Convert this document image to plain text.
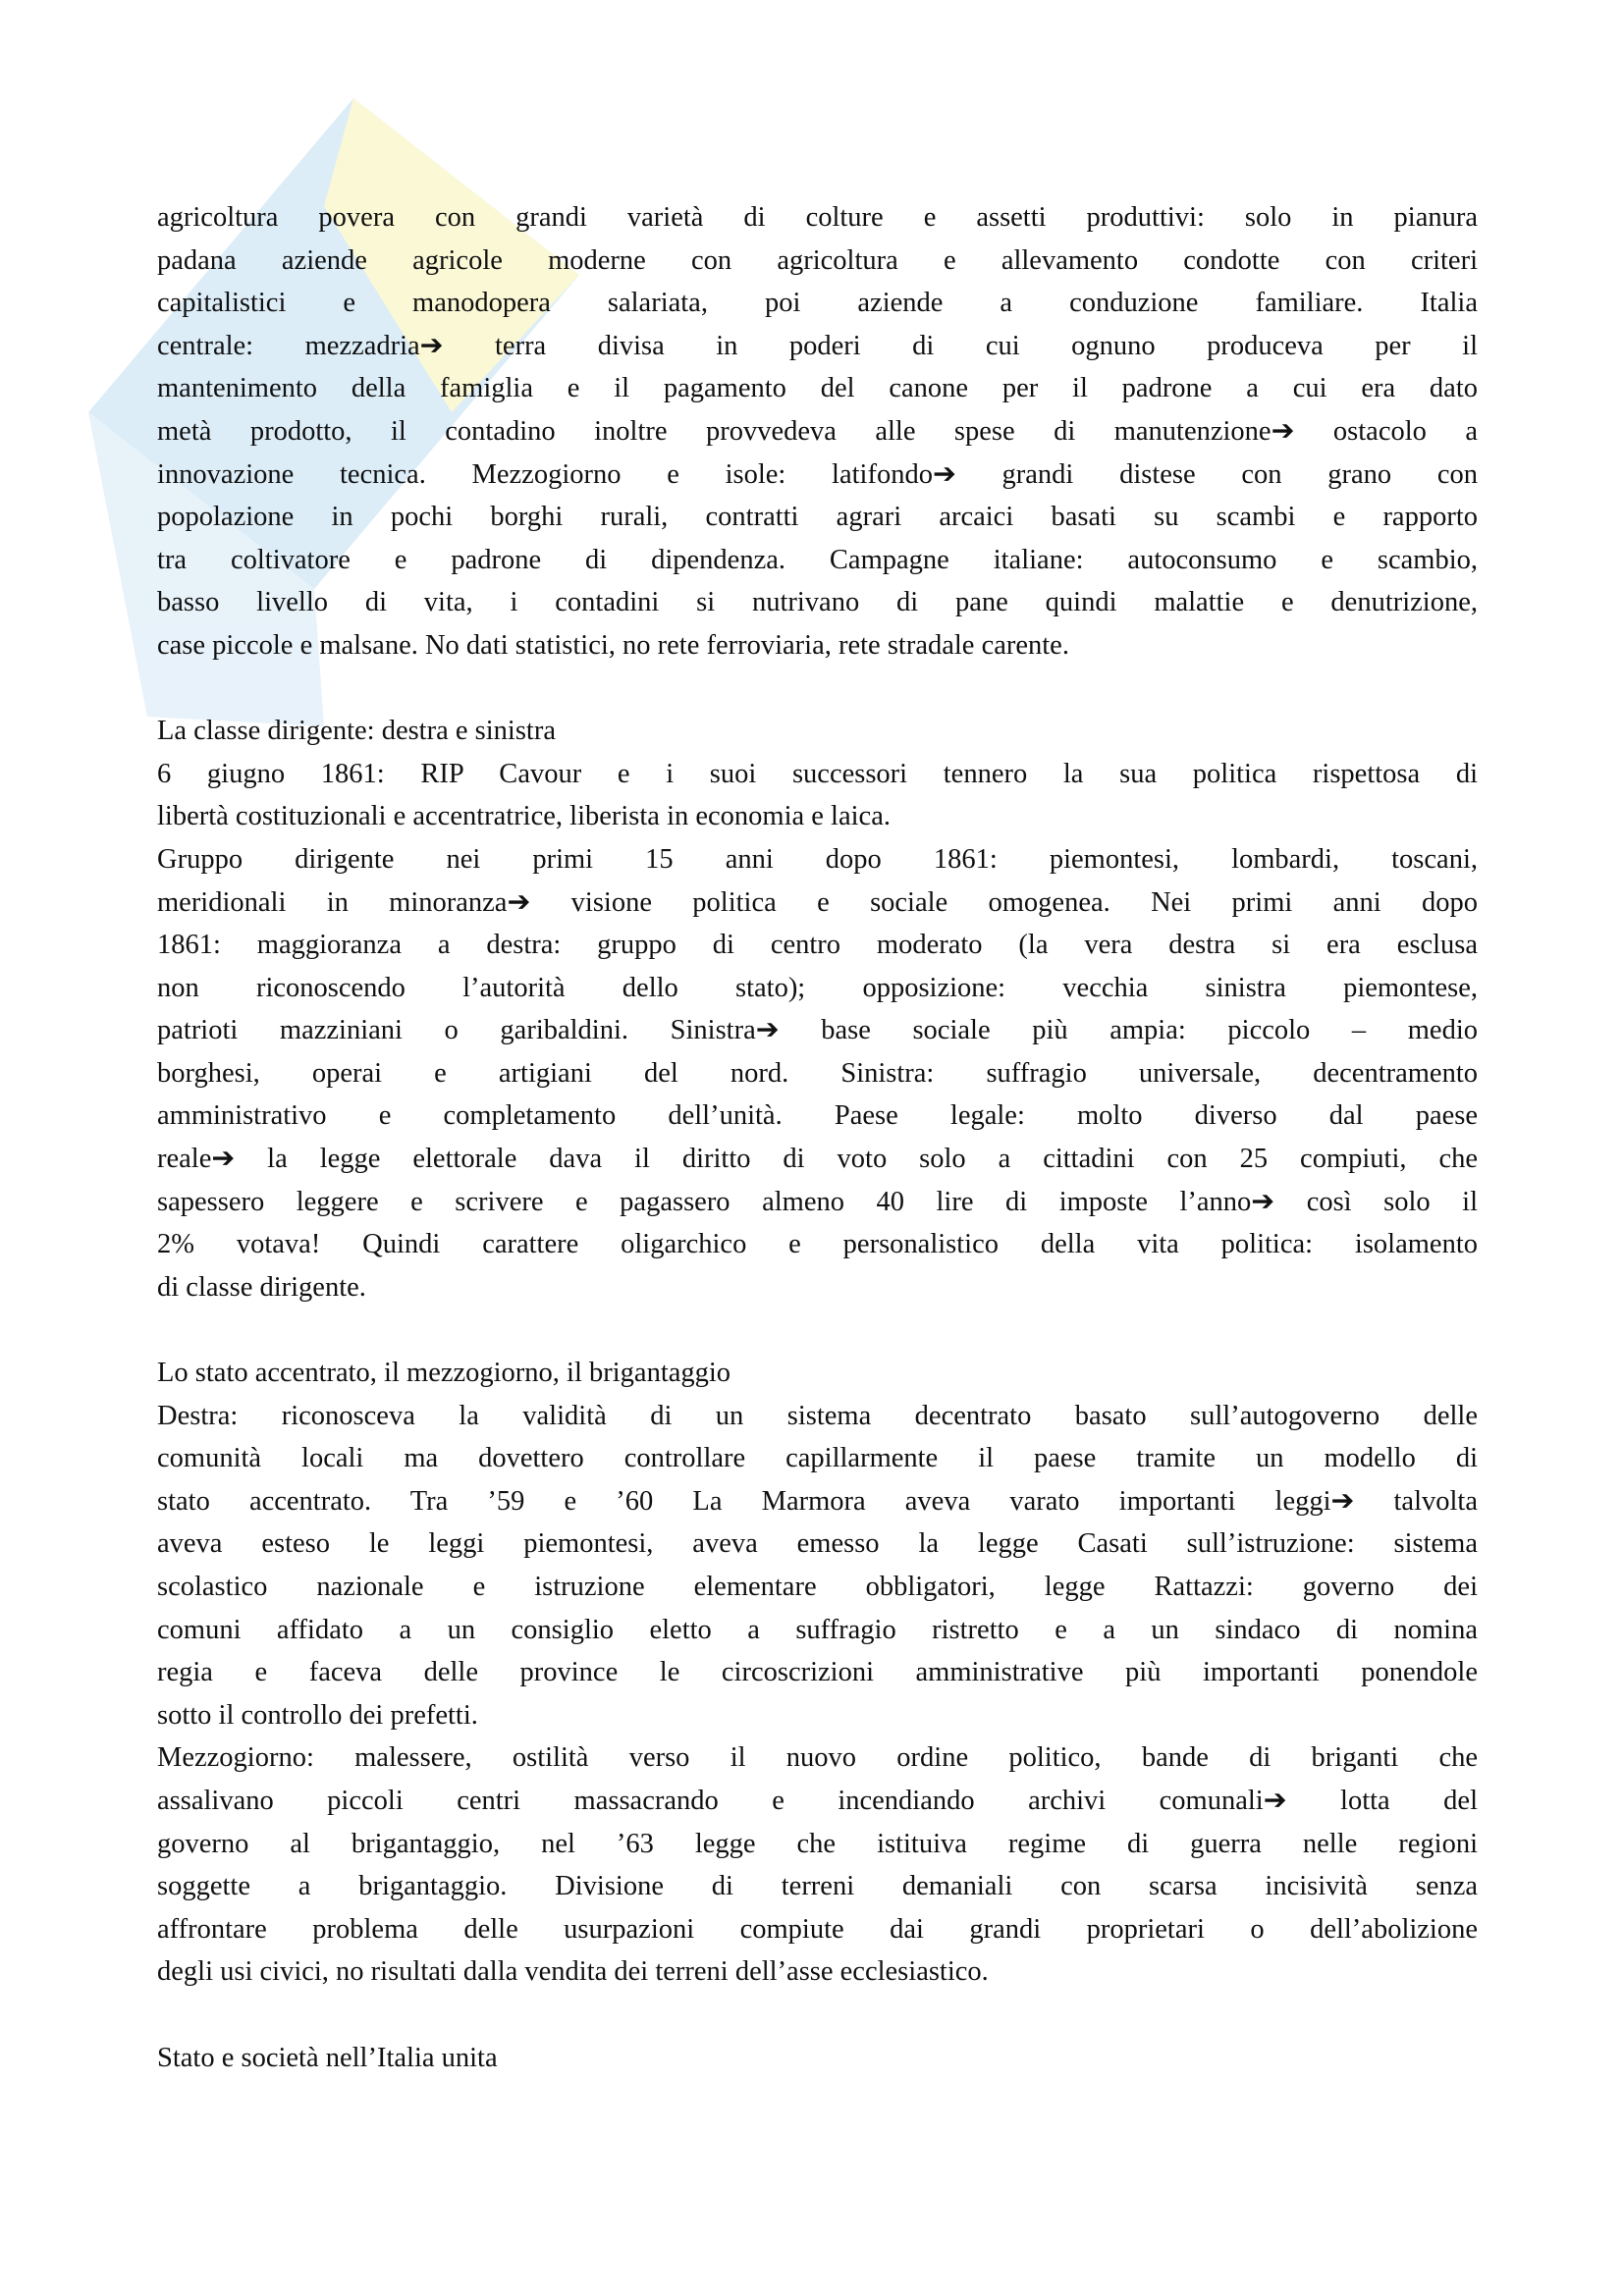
agricoltura povera con grandi varietà di colture e assetti produttivi: solo in pianura
padana aziende agricole moderne con agricoltura e allevamento condotte con criteri
capitalistici e manodopera salariata, poi aziende a conduzione familiare. Italia
centrale: mezzadria➔ terra divisa in poderi di cui ognuno produceva per il
mantenimento della famiglia e il pagamento del canone per il padrone a cui era dato
metà prodotto, il contadino inoltre provvedeva alle spese di manutenzione➔ ostacolo a
innovazione tecnica. Mezzogiorno e isole: latifondo➔ grandi distese con grano con
popolazione in pochi borghi rurali, contratti agrari arcaici basati su scambi e rapporto
tra coltivatore e padrone di dipendenza. Campagne italiane: autoconsumo e scambio,
basso livello di vita, i contadini si nutrivano di pane quindi malattie e denutrizione,
case piccole e malsane. No dati statistici, no rete ferroviaria, rete stradale carente.
La classe dirigente: destra e sinistra
6 giugno 1861: RIP Cavour e i suoi successori tennero la sua politica rispettosa di
libertà costituzionali e accentratrice, liberista in economia e laica.
Gruppo dirigente nei primi 15 anni dopo 1861: piemontesi, lombardi, toscani,
meridionali in minoranza➔ visione politica e sociale omogenea. Nei primi anni dopo
1861: maggioranza a destra: gruppo di centro moderato (la vera destra si era esclusa
non riconoscendo l’autorità dello stato); opposizione: vecchia sinistra piemontese,
patrioti mazziniani o garibaldini. Sinistra➔ base sociale più ampia: piccolo – medio
borghesi, operai e artigiani del nord. Sinistra: suffragio universale, decentramento
amministrativo e completamento dell’unità. Paese legale: molto diverso dal paese
reale➔ la legge elettorale dava il diritto di voto solo a cittadini con 25 compiuti, che
sapessero leggere e scrivere e pagassero almeno 40 lire di imposte l’anno➔ così solo il
2% votava! Quindi carattere oligarchico e personalistico della vita politica: isolamento
di classe dirigente.
Lo stato accentrato, il mezzogiorno, il brigantaggio
Destra: riconosceva la validità di un sistema decentrato basato sull’autogoverno delle
comunità locali ma dovettero controllare capillarmente il paese tramite un modello di
stato accentrato. Tra ’59 e ’60 La Marmora aveva varato importanti leggi➔ talvolta
aveva esteso le leggi piemontesi, aveva emesso la legge Casati sull’istruzione: sistema
scolastico nazionale e istruzione elementare obbligatori, legge Rattazzi: governo dei
comuni affidato a un consiglio eletto a suffragio ristretto e a un sindaco di nomina
regia e faceva delle province le circoscrizioni amministrative più importanti ponendole
sotto il controllo dei prefetti.
Mezzogiorno: malessere, ostilità verso il nuovo ordine politico, bande di briganti che
assalivano piccoli centri massacrando e incendiando archivi comunali➔ lotta del
governo al brigantaggio, nel ’63 legge che istituiva regime di guerra nelle regioni
soggette a brigantaggio. Divisione di terreni demaniali con scarsa incisività senza
affrontare problema delle usurpazioni compiute dai grandi proprietari o dell’abolizione
degli usi civici, no risultati dalla vendita dei terreni dell’asse ecclesiastico.
Stato e società nell’Italia unita
